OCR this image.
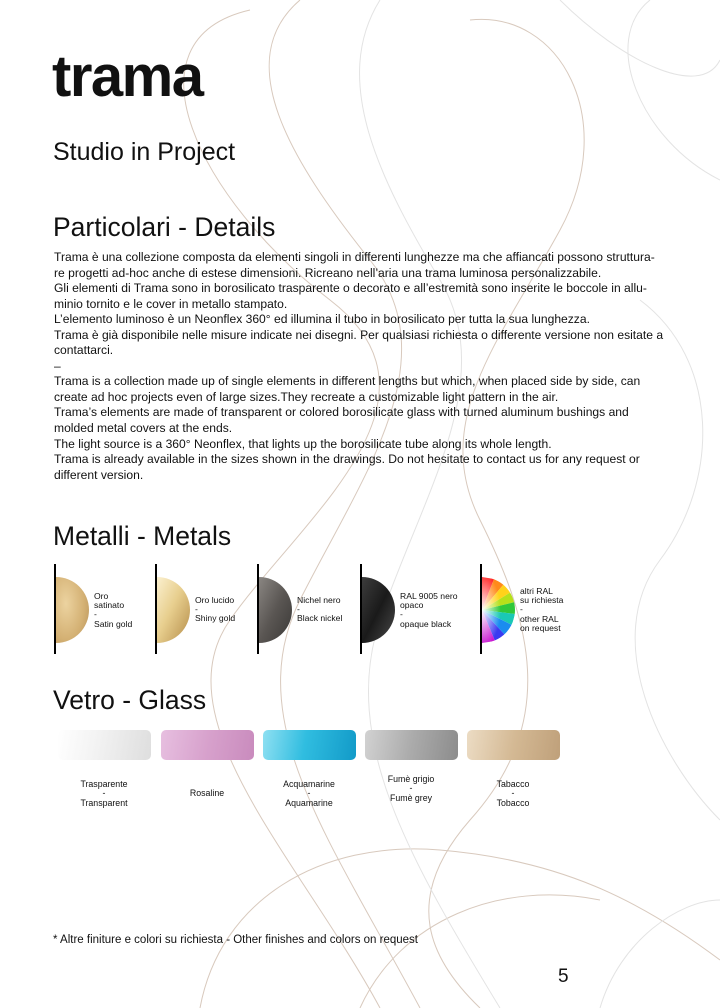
trama
Studio in Project
Particolari - Details
Trama è una collezione composta da elementi singoli in differenti lunghezze ma che affiancati possono struttura-
re progetti ad-hoc anche di estese dimensioni. Ricreano nell’aria una trama luminosa personalizzabile.
Gli elementi di Trama sono in borosilicato trasparente o decorato e all’estremità sono inserite le boccole in allu-
minio tornito e le cover in metallo stampato.
L’elemento luminoso è un Neonflex 360° ed illumina il tubo in borosilicato per tutta la sua lunghezza.
Trama è già disponibile nelle misure indicate nei disegni. Per qualsiasi richiesta o differente versione non esitate a
contattarci.
–
Trama is a collection made up of single elements in different lengths but which, when placed side by side, can
create ad hoc projects even of large sizes.They recreate a customizable light pattern in the air.
Trama’s elements are made of transparent or colored borosilicate glass with turned aluminum bushings and
molded metal covers at the ends.
The light source is a 360° Neonflex, that lights up the borosilicate tube along its whole length.
Trama is already available in the sizes shown in the drawings. Do not hesitate to contact us for any request or
different version.
Metalli - Metals
Oro
satinato
-
Satin gold
Oro lucido
-
Shiny gold
Nichel nero
-
Black nickel
RAL 9005 nero
opaco
-
opaque black
altri RAL
su richiesta
-
other RAL
on request
Vetro - Glass
Trasparente
-
Transparent
Rosaline
Acquamarine
-
Aquamarine
Fumè grigio
-
Fumè grey
Tabacco
-
Tobacco

* Altre finiture e colori su richiesta - Other finishes and colors on request

5
